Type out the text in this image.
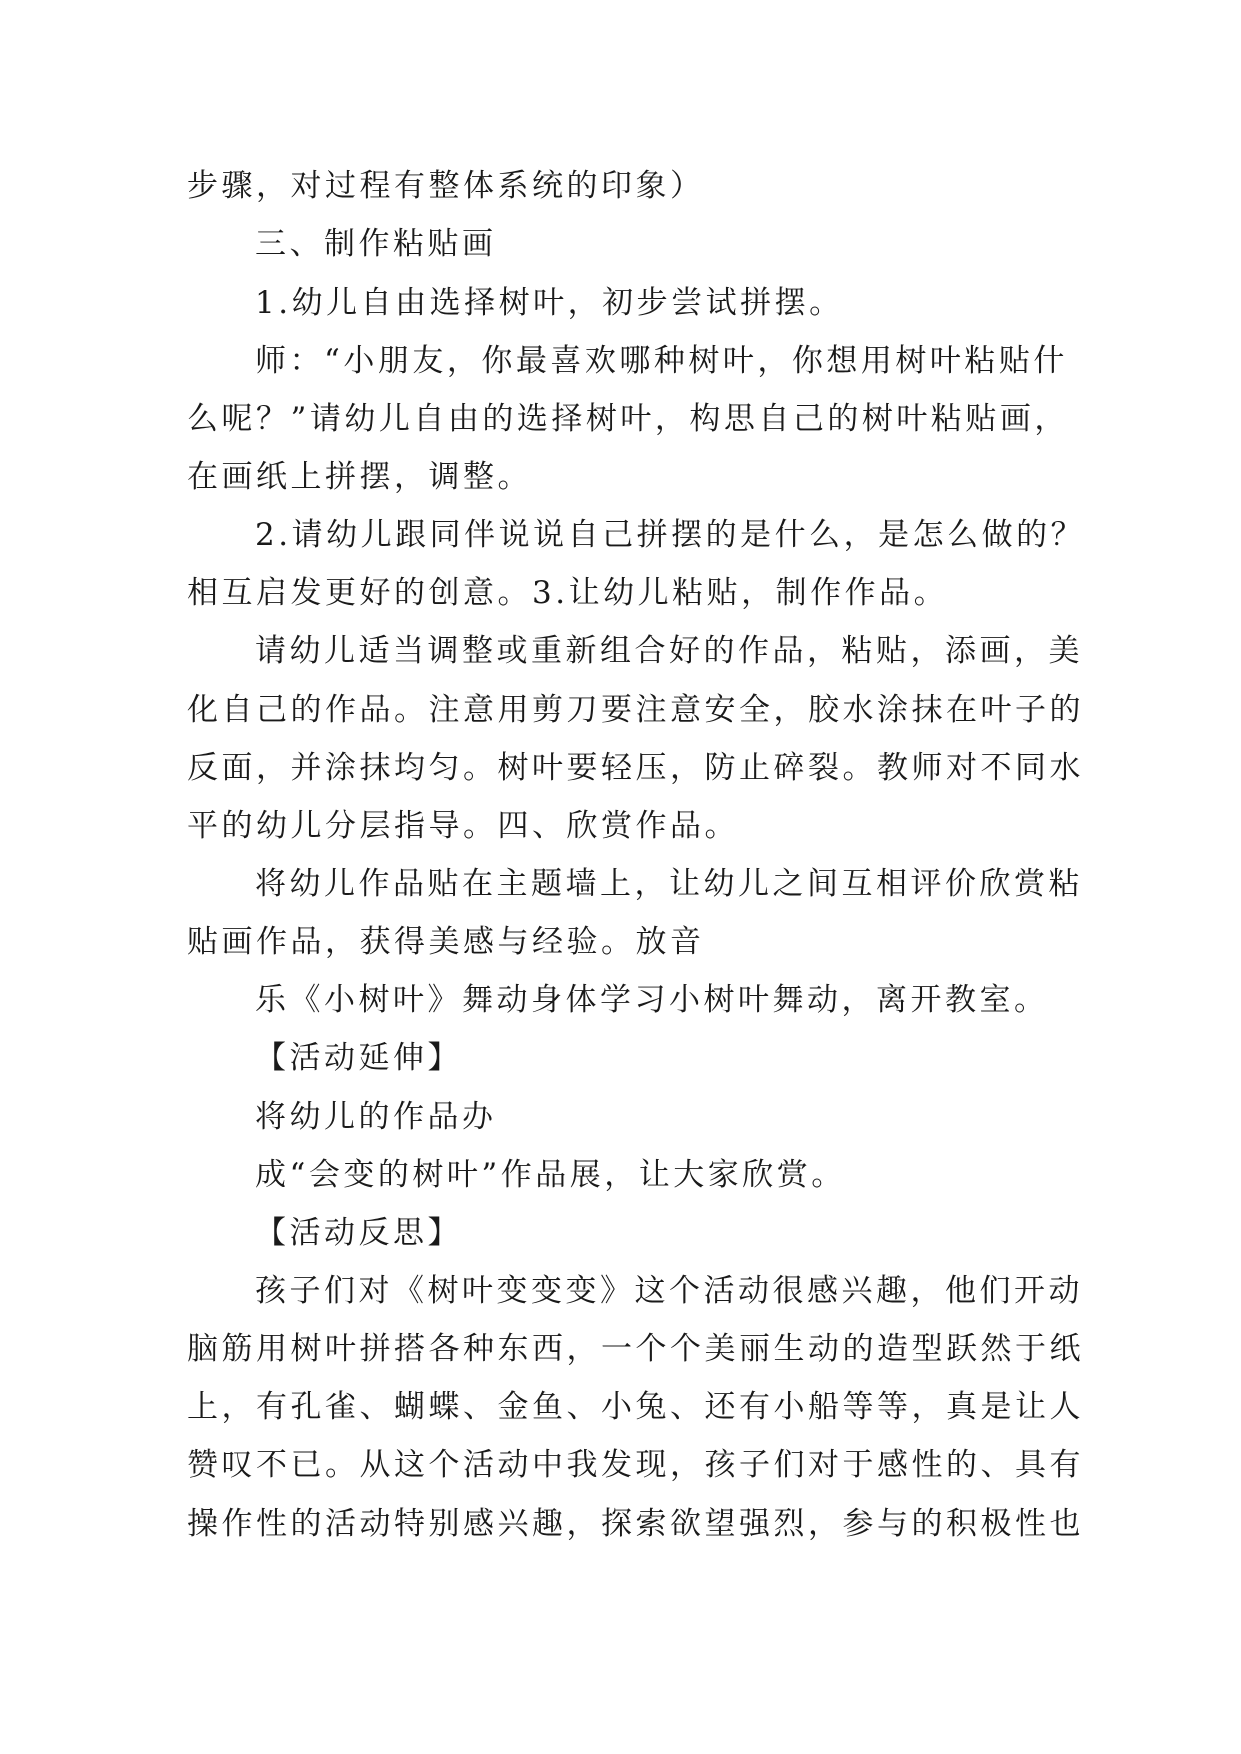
步骤，对过程有整体系统的印象）
三、制作粘贴画
1.幼儿自由选择树叶，初步尝试拼摆。
师：“小朋友，你最喜欢哪种树叶，你想用树叶粘贴什
么呢？”请幼儿自由的选择树叶，构思自己的树叶粘贴画，
在画纸上拼摆，调整。
2.请幼儿跟同伴说说自己拼摆的是什么，是怎么做的？
相互启发更好的创意。3.让幼儿粘贴，制作作品。
请幼儿适当调整或重新组合好的作品，粘贴，添画，美
化自己的作品。注意用剪刀要注意安全，胶水涂抹在叶子的
反面，并涂抹均匀。树叶要轻压，防止碎裂。教师对不同水
平的幼儿分层指导。四、欣赏作品。
将幼儿作品贴在主题墙上，让幼儿之间互相评价欣赏粘
贴画作品，获得美感与经验。放音
乐《小树叶》舞动身体学习小树叶舞动，离开教室。
【活动延伸】
将幼儿的作品办
成“会变的树叶”作品展，让大家欣赏。
【活动反思】
孩子们对《树叶变变变》这个活动很感兴趣，他们开动
脑筋用树叶拼搭各种东西，一个个美丽生动的造型跃然于纸
上，有孔雀、蝴蝶、金鱼、小兔、还有小船等等，真是让人
赞叹不已。从这个活动中我发现，孩子们对于感性的、具有
操作性的活动特别感兴趣，探索欲望强烈，参与的积极性也
